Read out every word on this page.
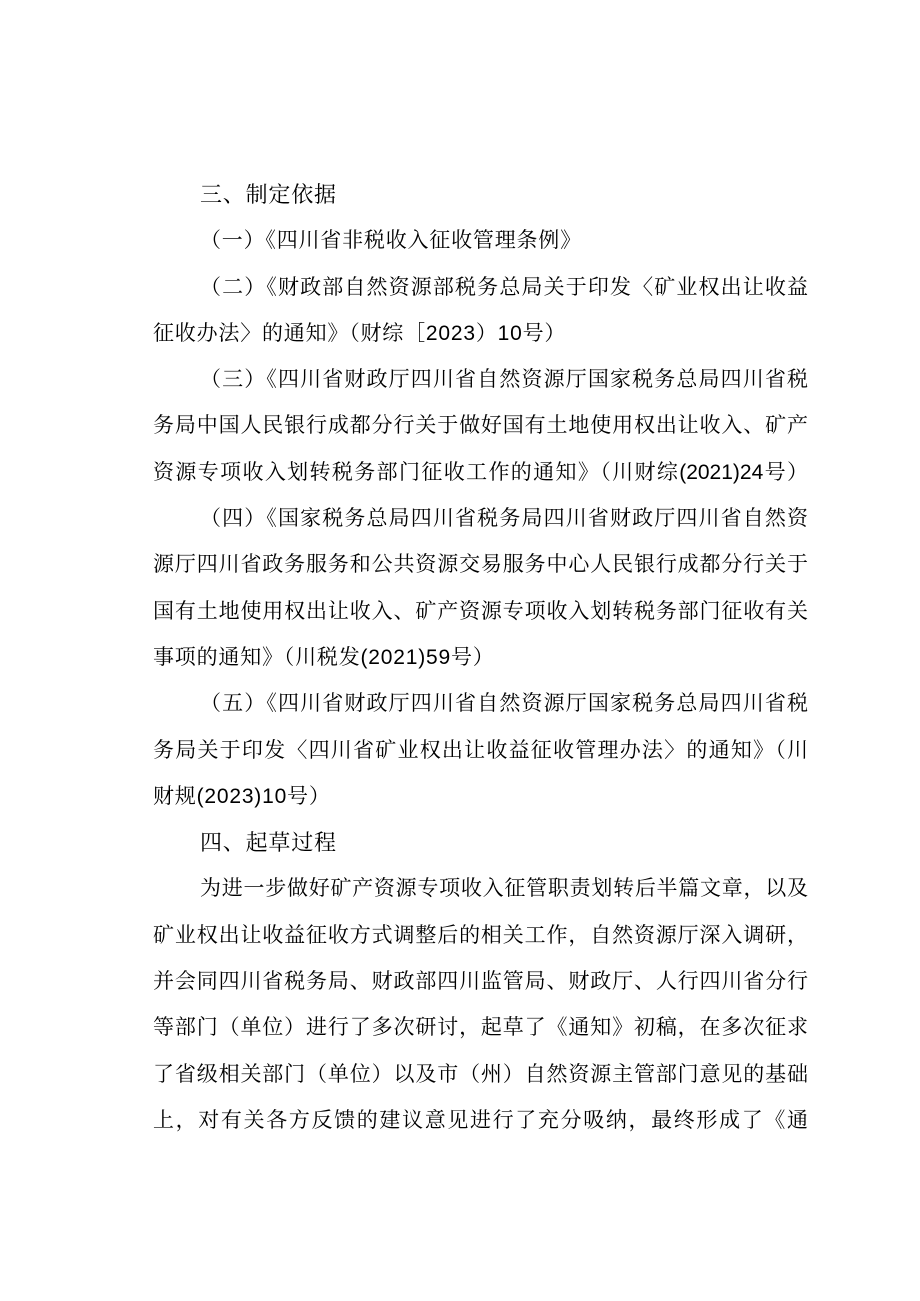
三、制定依据
（一）《四川省非税收入征收管理条例》
（二）《财政部自然资源部税务总局关于印发〈矿业权出让收益
征收办法〉的通知》（财综［2023）10号）
（三）《四川省财政厅四川省自然资源厅国家税务总局四川省税
务局中国人民银行成都分行关于做好国有土地使用权出让收入、矿产
资源专项收入划转税务部门征收工作的通知》（川财综(2021)24号）
（四）《国家税务总局四川省税务局四川省财政厅四川省自然资
源厅四川省政务服务和公共资源交易服务中心人民银行成都分行关于
国有土地使用权出让收入、矿产资源专项收入划转税务部门征收有关
事项的通知》（川税发(2021)59号）
（五）《四川省财政厅四川省自然资源厅国家税务总局四川省税
务局关于印发〈四川省矿业权出让收益征收管理办法〉的通知》（川
财规(2023)10号）
四、起草过程
为进一步做好矿产资源专项收入征管职责划转后半篇文章，以及
矿业权出让收益征收方式调整后的相关工作，自然资源厅深入调研，
并会同四川省税务局、财政部四川监管局、财政厅、人行四川省分行
等部门（单位）进行了多次研讨，起草了《通知》初稿，在多次征求
了省级相关部门（单位）以及市（州）自然资源主管部门意见的基础
上，对有关各方反馈的建议意见进行了充分吸纳，最终形成了《通
